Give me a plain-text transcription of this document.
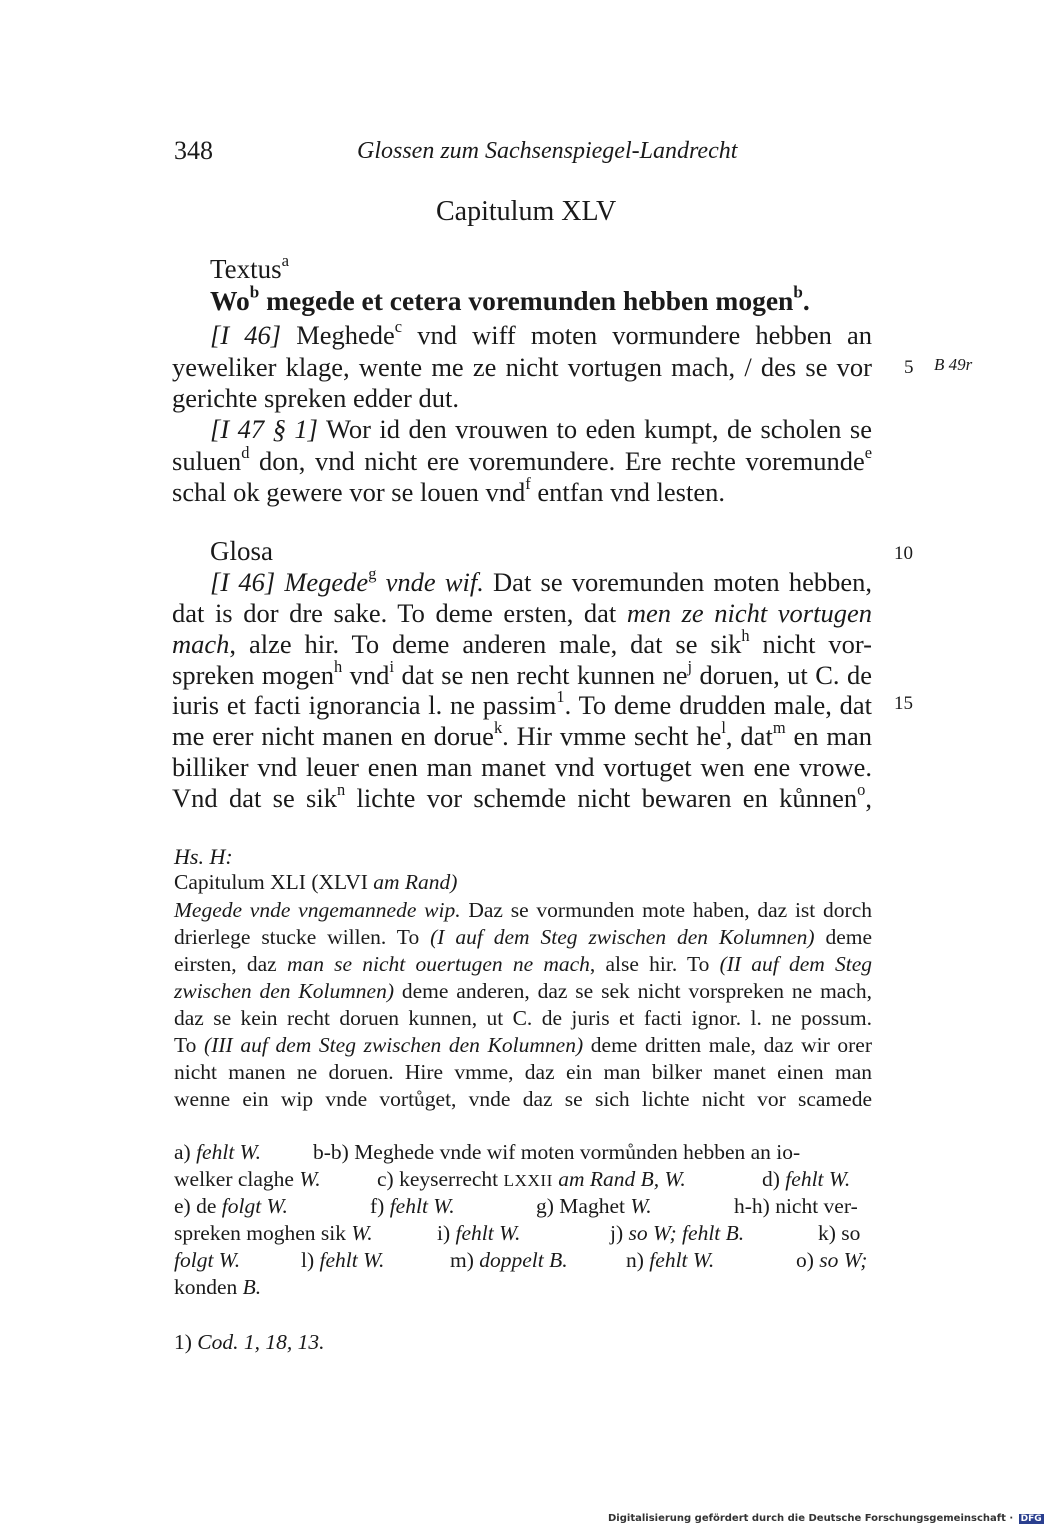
348	Glossen zum Sachsenspiegel-Landrecht
Capitulum XLV
Textus$^a$
Wo$^b$ megede et cetera voremunden hebben mogen$^b$.
[I 46] Meghede$^c$ vnd wiff moten vormundere hebben an
yeweliker klage, wente me ze nicht vortugen mach, / des se vor
gerichte spreken edder dut.
[I 47 § 1] Wor id den vrouwen to eden kumpt, de scholen se
suluen$^d$ don, vnd nicht ere voremundere. Ere rechte voremunde$^e$
schal ok gewere vor se louen vnd$^f$ entfan vnd lesten.
5 B 49r
10
15
Glosa
[I 46] Megede$^g$ vnde wif. Dat se voremunden moten hebben,
dat is dor dre sake. To deme ersten, dat men ze nicht vortugen
mach, alze hir. To deme anderen male, dat se sik$^h$ nicht vor-
spreken mogen$^h$ vnd$^i$ dat se nen recht kunnen $ne^j$ doruen, ut C. de
iuris et facti ignorancia l. ne passim$^1$. To deme drudden male, dat
me erer nicht manen en dorue$^k$. Hir vmme secht $he^l$, dat$^m$ en man
billiker vnd leuer enen man manet vnd vortuget wen ene vrowe.
Vnd dat se sik$^n$ lichte vor schemde nicht bewaren en kůnnen$^o$,
Hs. H:
Capitulum XLI (XLVI am Rand)
Megede vnde vngemannede wip. Daz se vormunden mote haben, daz ist dorch
drierlege stucke willen. To (I auf dem Steg zwischen den Kolumnen) deme
eirsten, daz man se nicht ouertugen ne mach, alse hir. To (II auf dem Steg
zwischen den Kolumnen) deme anderen, daz se sek nicht vorspreken ne mach,
daz se kein recht doruen kunnen, ut C. de juris et facti ignor. l. ne possum.
To (III auf dem Steg zwischen den Kolumnen) deme dritten male, daz wir orer
nicht manen ne doruen. Hire vmme, daz ein man bilker manet einen man
wenne ein wip vnde vortůget, vnde daz se sich lichte nicht vor scamede
a) fehlt W. b-b) Meghede vnde wif moten vormůnden hebben an io-
welker claghe W.	c) keyserrecht LXXII am Rand B, W.	d) fehlt W.
e) de folgt W.	f) fehlt W.	g) Maghet W.	h-h) nicht ver-
spreken moghen sik W.	i) fehlt W.	j) so W; fehlt B.	k) so
folgt W.	l) fehlt W.	m) doppelt B.	n) fehlt W.	o) so W;
konden B.
1) Cod. 1, 18, 13.
Digitalisierung gefördert durch die Deutsche Forschungsgemeinschaft · DFG
